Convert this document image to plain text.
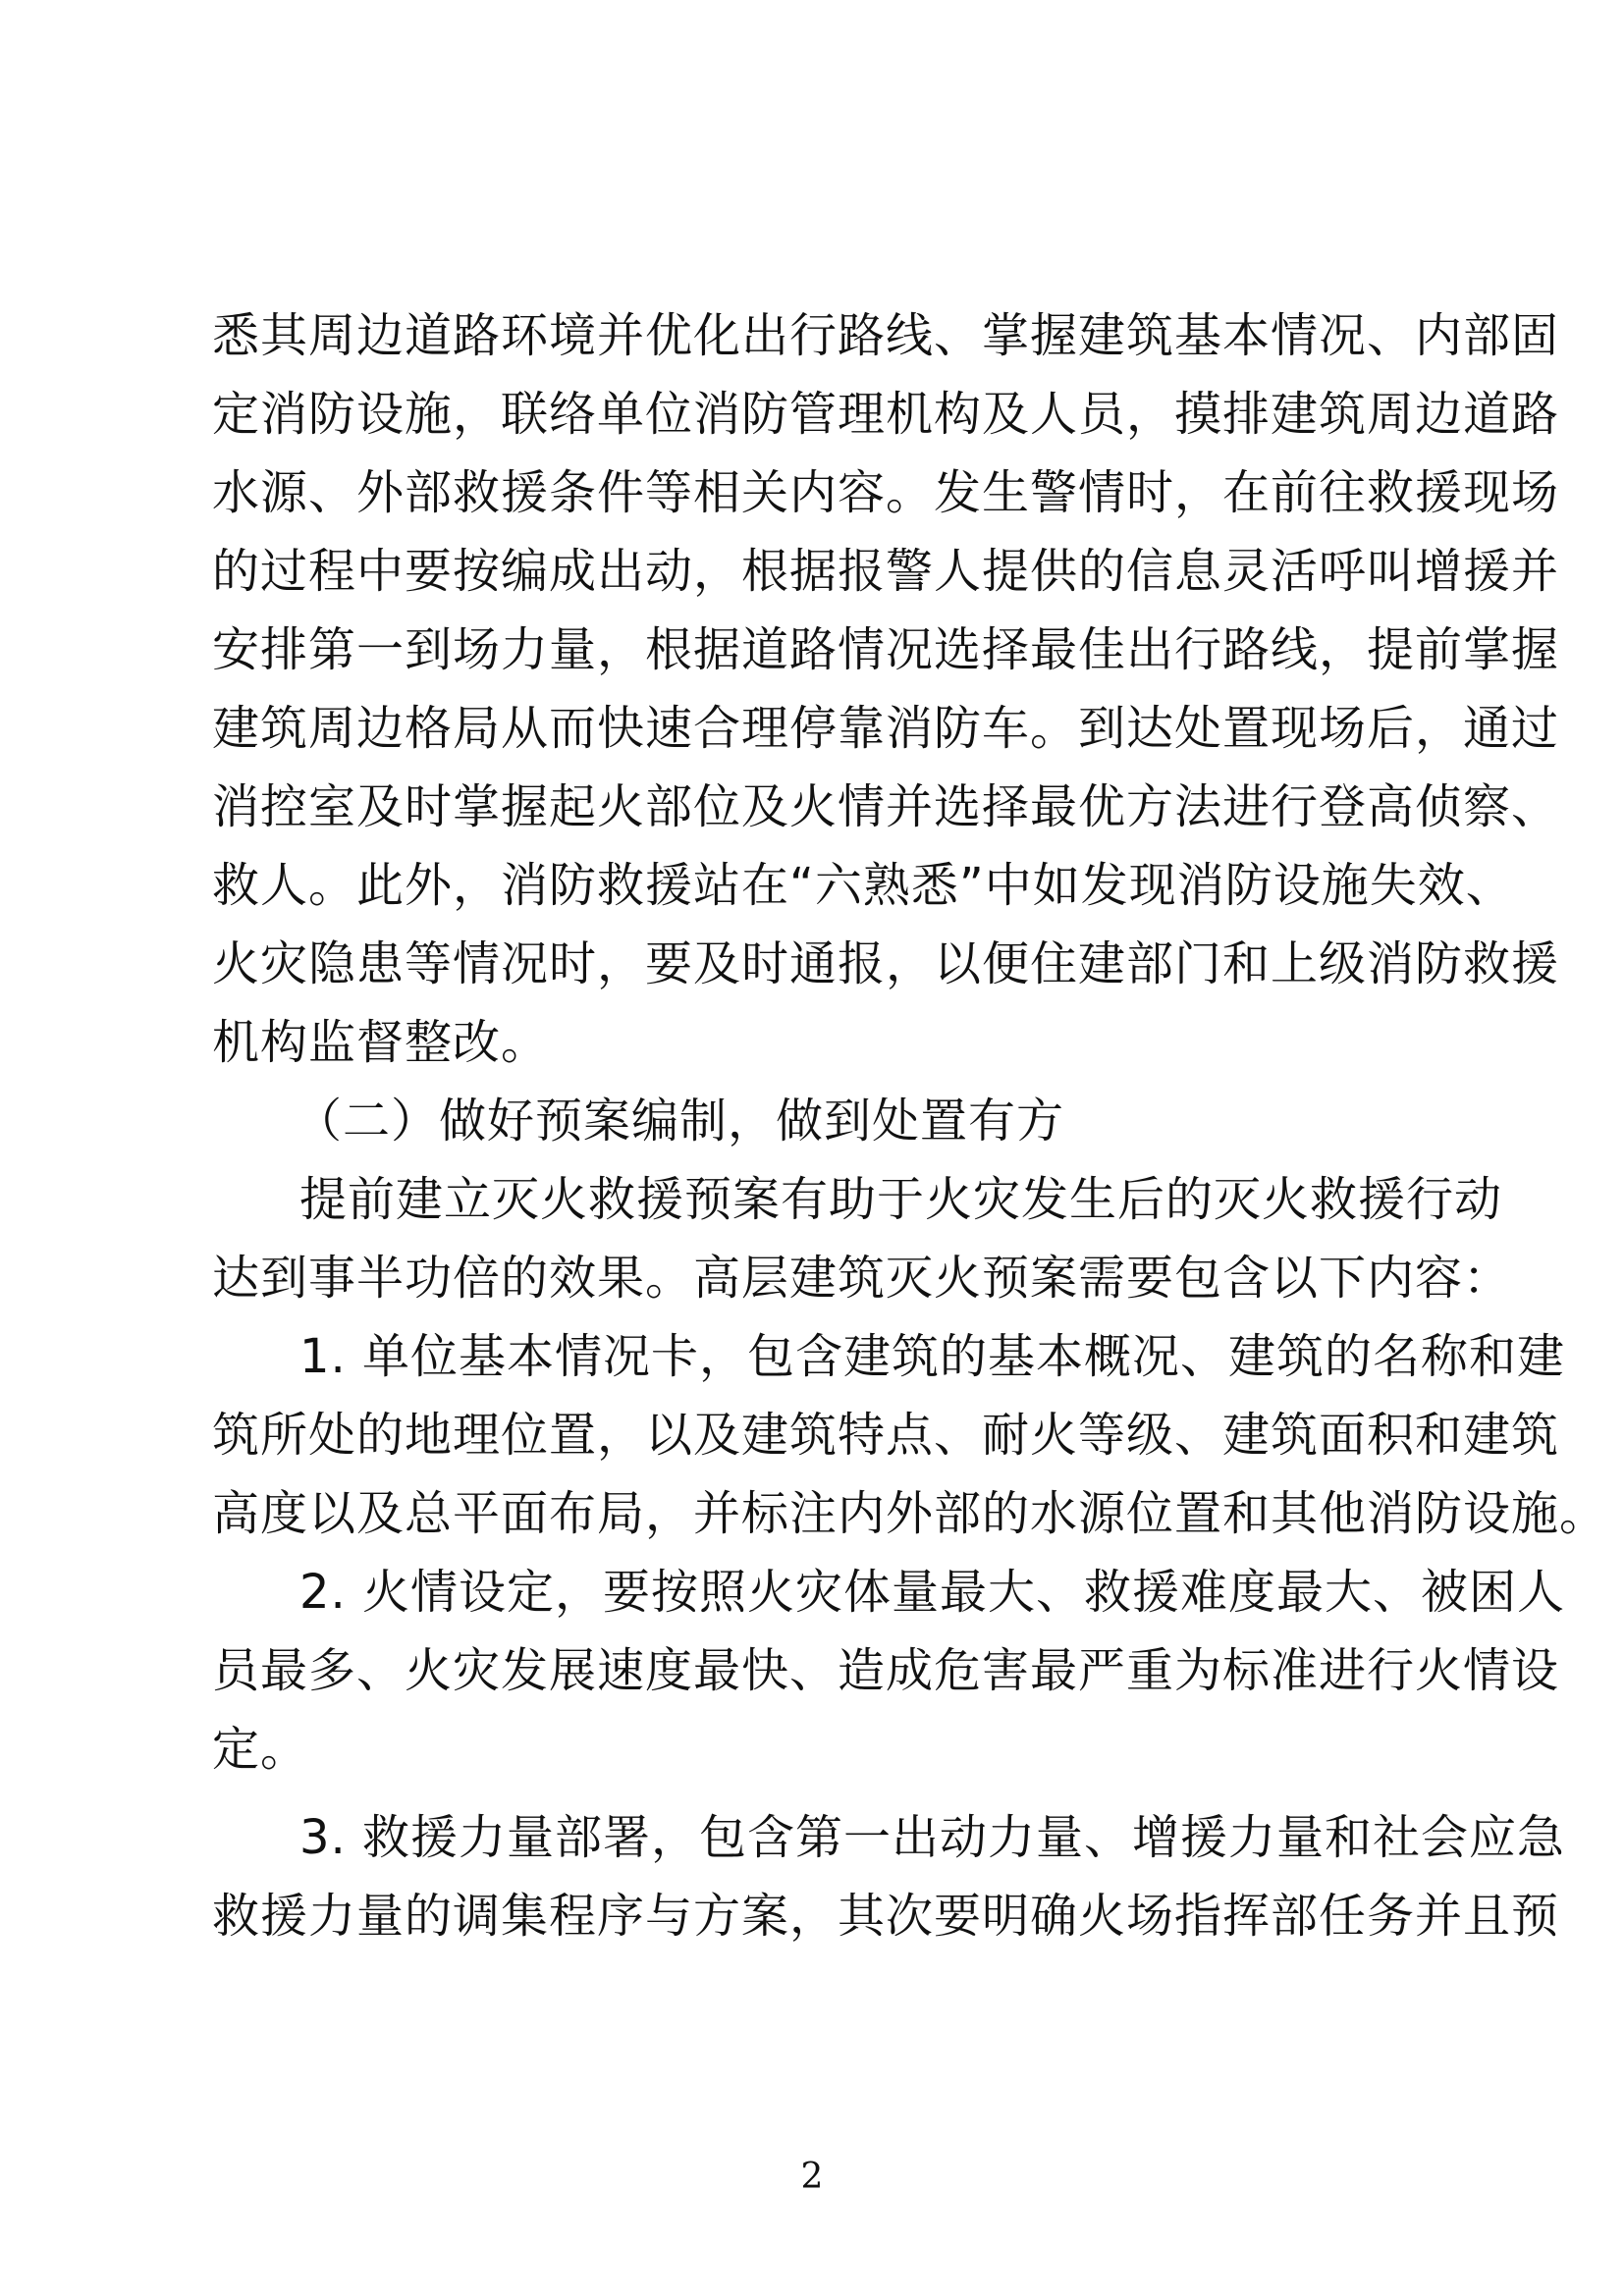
悉其周边道路环境并优化出行路线、掌握建筑基本情况、内部固
定消防设施，联络单位消防管理机构及人员，摸排建筑周边道路
水源、外部救援条件等相关内容。发生警情时，在前往救援现场
的过程中要按编成出动，根据报警人提供的信息灵活呼叫增援并
安排第一到场力量，根据道路情况选择最佳出行路线，提前掌握
建筑周边格局从而快速合理停靠消防车。到达处置现场后，通过
消控室及时掌握起火部位及火情并选择最优方法进行登高侦察、
救人。此外，消防救援站在“六熟悉”中如发现消防设施失效、
火灾隐患等情况时，要及时通报，以便住建部门和上级消防救援
机构监督整改。
（二）做好预案编制，做到处置有方
提前建立灭火救援预案有助于火灾发生后的灭火救援行动
达到事半功倍的效果。高层建筑灭火预案需要包含以下内容：
1. 单位基本情况卡，包含建筑的基本概况、建筑的名称和建
筑所处的地理位置，以及建筑特点、耐火等级、建筑面积和建筑
高度以及总平面布局，并标注内外部的水源位置和其他消防设施。
2. 火情设定，要按照火灾体量最大、救援难度最大、被困人
员最多、火灾发展速度最快、造成危害最严重为标准进行火情设
定。
3. 救援力量部署，包含第一出动力量、增援力量和社会应急
救援力量的调集程序与方案，其次要明确火场指挥部任务并且预
2
